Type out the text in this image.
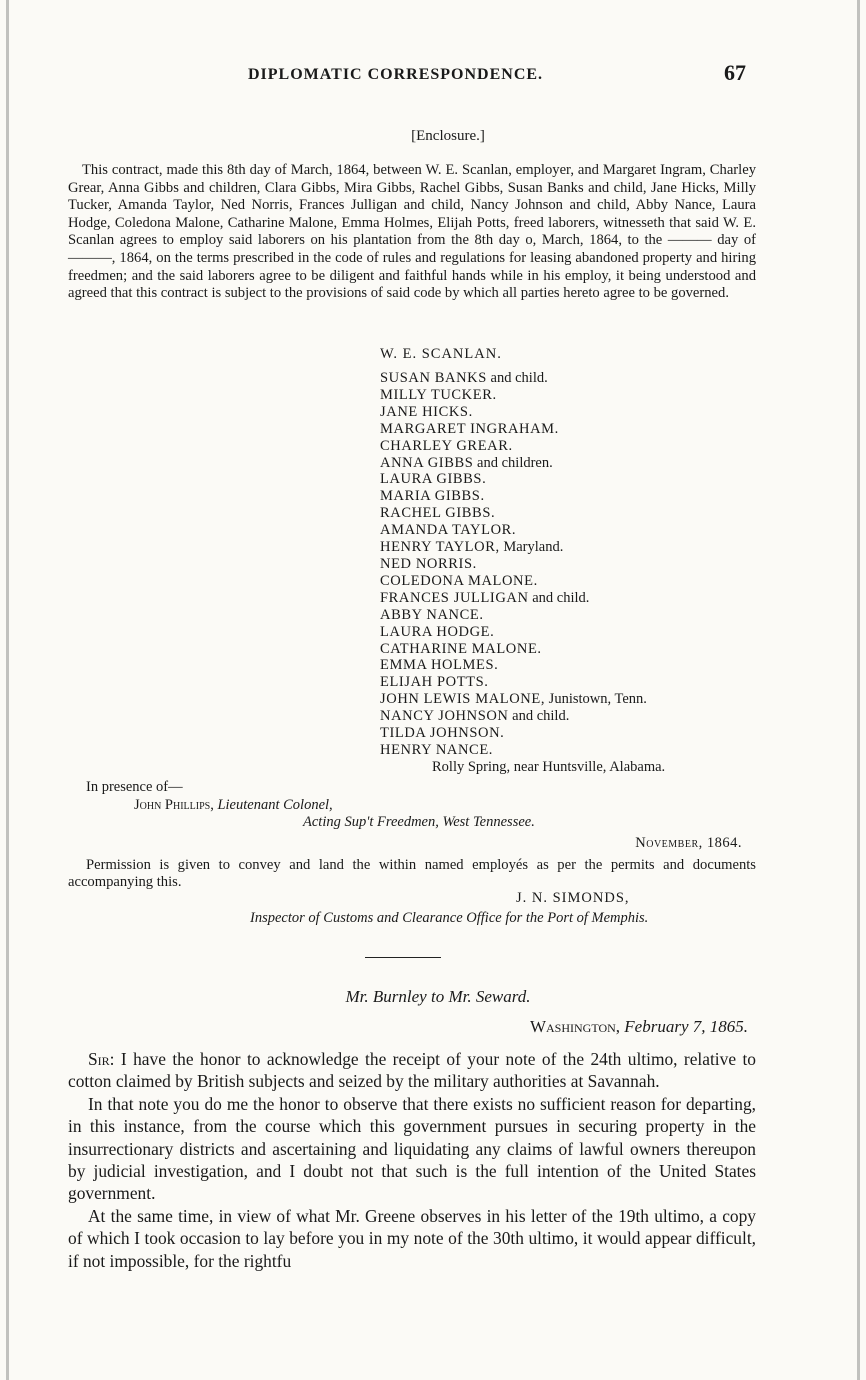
DIPLOMATIC CORRESPONDENCE.	67
[Enclosure.]
This contract, made this 8th day of March, 1864, between W. E. Scanlan, employer, and Margaret Ingram, Charley Grear, Anna Gibbs and children, Clara Gibbs, Mira Gibbs, Rachel Gibbs, Susan Banks and child, Jane Hicks, Milly Tucker, Amanda Taylor, Ned Norris, Frances Julligan and child, Nancy Johnson and child, Abby Nance, Laura Hodge, Coledona Malone, Catharine Malone, Emma Holmes, Elijah Potts, freed laborers, witnesseth that said W. E. Scanlan agrees to employ said laborers on his plantation from the 8th day o, March, 1864, to the ——— day of ———, 1864, on the terms prescribed in the code of rules and regulations for leasing abandoned property and hiring freedmen; and the said laborers agree to be diligent and faithful hands while in his employ, it being understood and agreed that this contract is subject to the provisions of said code by which all parties hereto agree to be governed.
W. E. SCANLAN.
SUSAN BANKS and child.
MILLY TUCKER.
JANE HICKS.
MARGARET INGRAHAM.
CHARLEY GREAR.
ANNA GIBBS and children.
LAURA GIBBS.
MARIA GIBBS.
RACHEL GIBBS.
AMANDA TAYLOR.
HENRY TAYLOR, Maryland.
NED NORRIS.
COLEDONA MALONE.
FRANCES JULLIGAN and child.
ABBY NANCE.
LAURA HODGE.
CATHARINE MALONE.
EMMA HOLMES.
ELIJAH POTTS.
JOHN LEWIS MALONE, Junistown, Tenn.
NANCY JOHNSON and child.
TILDA JOHNSON.
HENRY NANCE.
Rolly Spring, near Huntsville, Alabama.
In presence of—
John Phillips, Lieutenant Colonel,
Acting Sup't Freedmen, West Tennessee.
November, 1864.
Permission is given to convey and land the within named employés as per the permits and documents accompanying this.
J. N. SIMONDS,
Inspector of Customs and Clearance Office for the Port of Memphis.
Mr. Burnley to Mr. Seward.
Washington, February 7, 1865.

Sir: I have the honor to acknowledge the receipt of your note of the 24th ultimo, relative to cotton claimed by British subjects and seized by the military authorities at Savannah.

In that note you do me the honor to observe that there exists no sufficient reason for departing, in this instance, from the course which this government pursues in securing property in the insurrectionary districts and ascertaining and liquidating any claims of lawful owners thereupon by judicial investigation, and I doubt not that such is the full intention of the United States government.

At the same time, in view of what Mr. Greene observes in his letter of the 19th ultimo, a copy of which I took occasion to lay before you in my note of the 30th ultimo, it would appear difficult, if not impossible, for the rightfu
